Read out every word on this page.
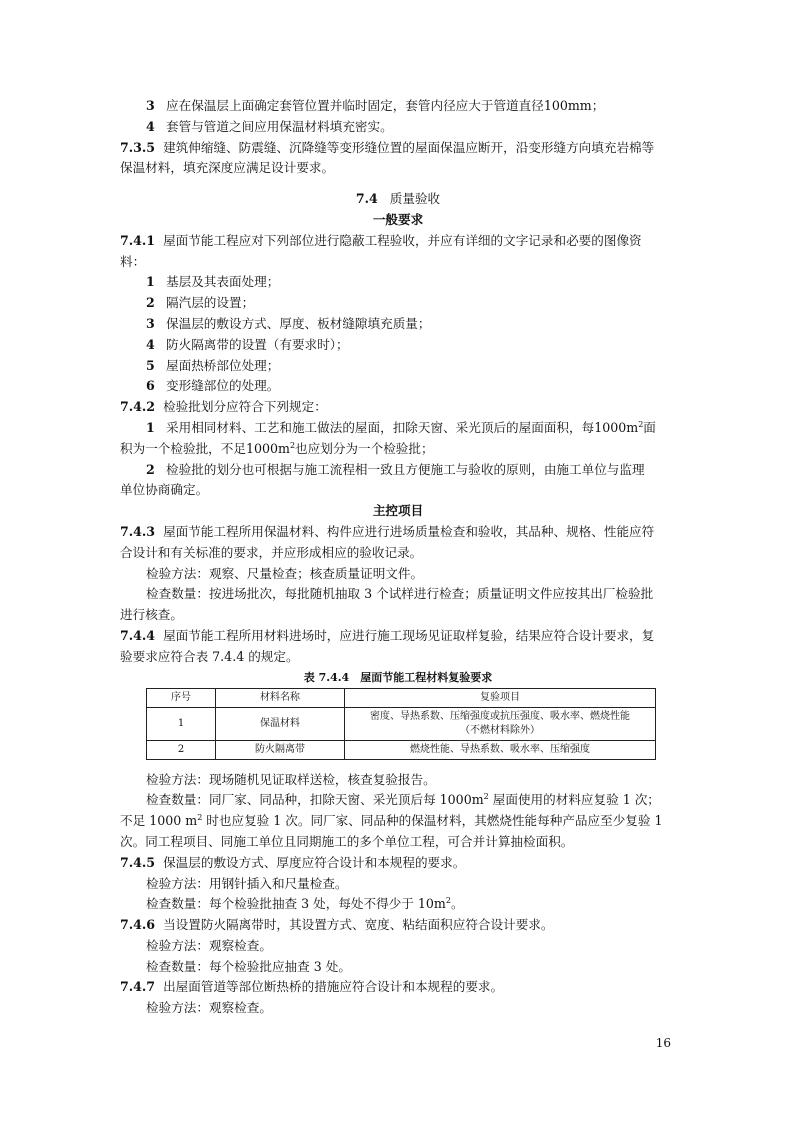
3 应在保温层上面确定套管位置并临时固定，套管内径应大于管道直径100mm；
4 套管与管道之间应用保温材料填充密实。
7.3.5 建筑伸缩缝、防震缝、沉降缝等变形缝位置的屋面保温应断开，沿变形缝方向填充岩棉等
保温材料，填充深度应满足设计要求。
7.4 质量验收
一般要求
7.4.1 屋面节能工程应对下列部位进行隐蔽工程验收，并应有详细的文字记录和必要的图像资
料：
1 基层及其表面处理；
2 隔汽层的设置；
3 保温层的敷设方式、厚度、板材缝隙填充质量；
4 防火隔离带的设置（有要求时）；
5 屋面热桥部位处理；
6 变形缝部位的处理。
7.4.2 检验批划分应符合下列规定：
1 采用相同材料、工艺和施工做法的屋面，扣除天窗、采光顶后的屋面面积，每$1000m^2$面
积为一个检验批，不足$1000m^2$也应划分为一个检验批；
2 检验批的划分也可根据与施工流程相一致且方便施工与验收的原则，由施工单位与监理
单位协商确定。
主控项目
7.4.3 屋面节能工程所用保温材料、构件应进行进场质量检查和验收，其品种、规格、性能应符
合设计和有关标准的要求，并应形成相应的验收记录。
检验方法：观察、尺量检查；核查质量证明文件。
检查数量：按进场批次，每批随机抽取 3 个试样进行检查；质量证明文件应按其出厂检验批
进行核查。
7.4.4 屋面节能工程所用材料进场时，应进行施工现场见证取样复验，结果应符合设计要求，复
验要求应符合表 7.4.4 的规定。
表 7.4.4　屋面节能工程材料复验要求
序号	材料名称	复验项目
1	保温材料	密度、导热系数、压缩强度或抗压强度、吸水率、燃烧性能
（不燃材料除外）

2	防火隔离带	燃烧性能、导热系数、吸水率、压缩强度
检验方法：现场随机见证取样送检，核查复验报告。
检查数量：同厂家、同品种，扣除天窗、采光顶后每 $1000m^2$ 屋面使用的材料应复验 1 次；
不足 1000 $m^2$ 时也应复验 1 次。同厂家、同品种的保温材料，其燃烧性能每种产品应至少复验 1
次。同工程项目、同施工单位且同期施工的多个单位工程，可合并计算抽检面积。
7.4.5 保温层的敷设方式、厚度应符合设计和本规程的要求。
检验方法：用钢针插入和尺量检查。
检查数量：每个检验批抽查 3 处，每处不得少于 $10m^2$。
7.4.6 当设置防火隔离带时，其设置方式、宽度、粘结面积应符合设计要求。
检验方法：观察检查。
检查数量：每个检验批应抽查 3 处。
7.4.7 出屋面管道等部位断热桥的措施应符合设计和本规程的要求。
检验方法：观察检查。
16
